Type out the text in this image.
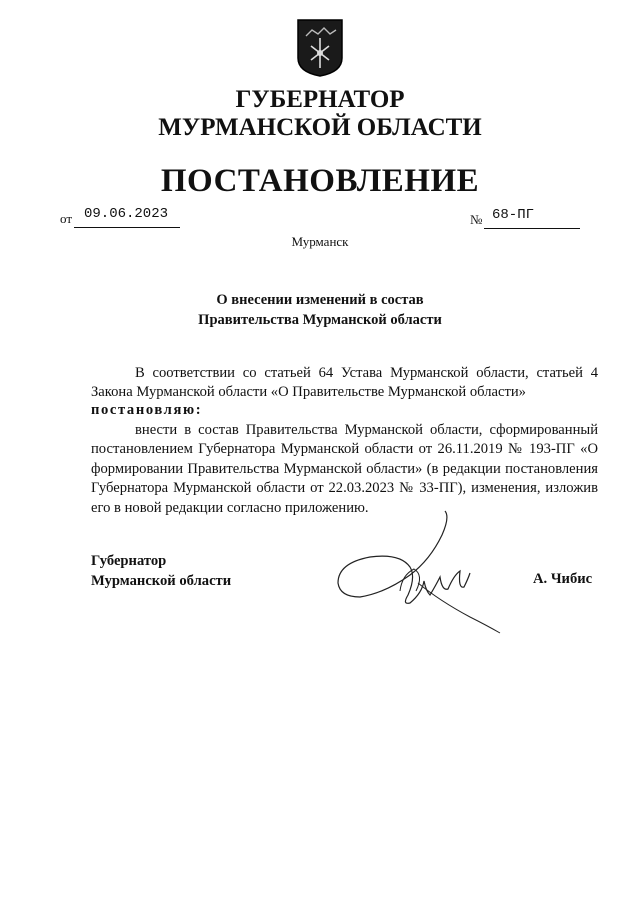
ГУБЕРНАТОР
МУРМАНСКОЙ ОБЛАСТИ
ПОСТАНОВЛЕНИЕ
от 09.06.2023	№ 68-ПГ
Мурманск
О внесении изменений в состав
Правительства Мурманской области
В соответствии со статьей 64 Устава Мурманской области, статьей 4 Закона Мурманской области «О Правительстве Мурманской области»
постановляю:
внести в состав Правительства Мурманской области, сформированный постановлением Губернатора Мурманской области от 26.11.2019 № 193-ПГ «О формировании Правительства Мурманской области» (в редакции постановления Губернатора Мурманской области от 22.03.2023 № 33-ПГ), изменения, изложив его в новой редакции согласно приложению.
Губернатор
Мурманской области	А. Чибис
